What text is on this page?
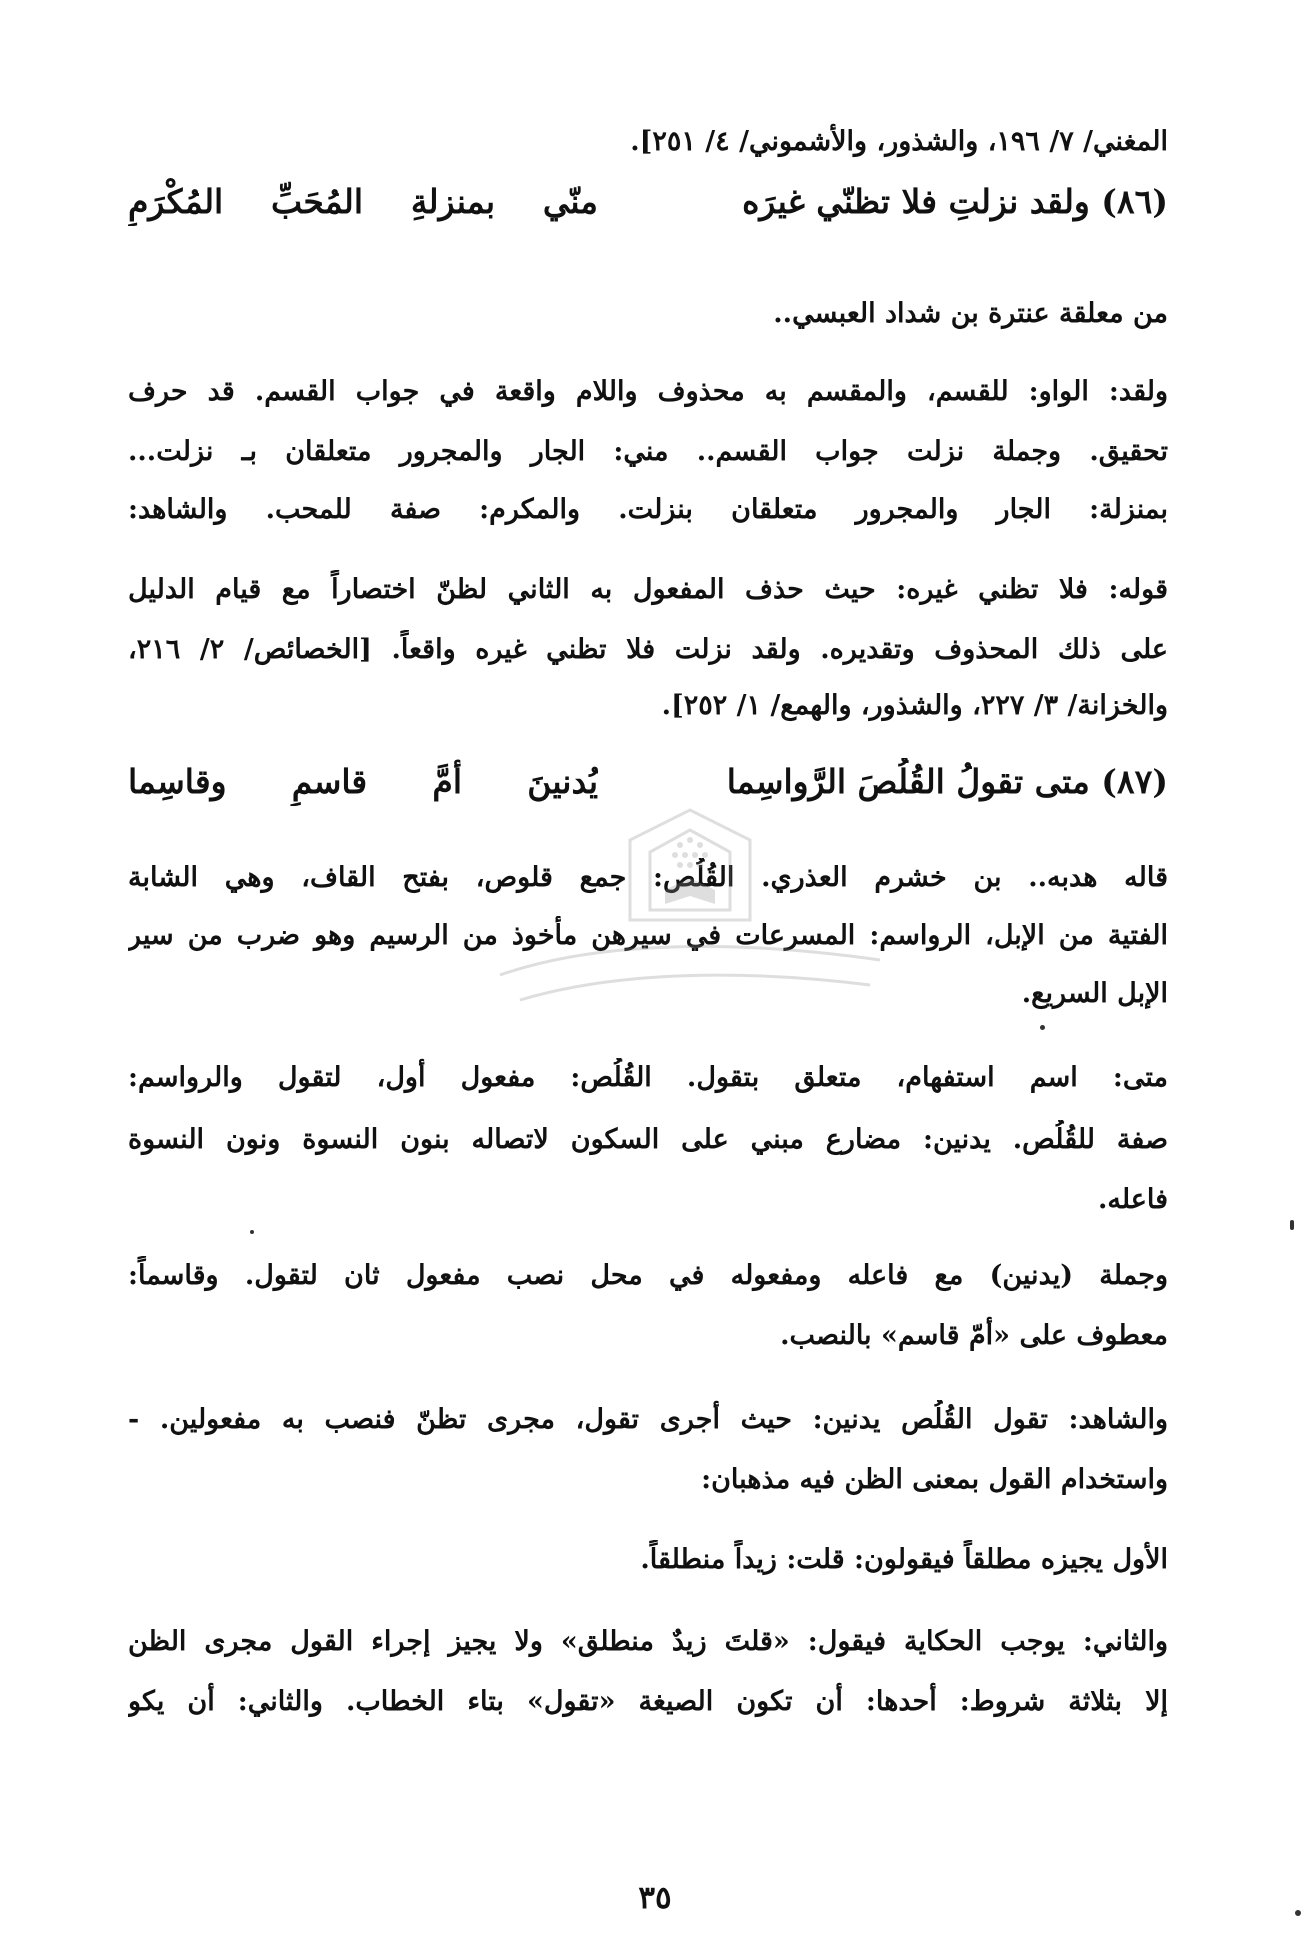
المغني/ ٧/ ١٩٦، والشذور، والأشموني/ ٤/ ٢٥١].
(٨٦) ولقد نزلتِ فلا تظنّي غيرَه
منّي بمنزلةِ المُحَبِّ المُكْرَمِ
من معلقة عنترة بن شداد العبسي..
ولقد: الواو: للقسم، والمقسم به محذوف واللام واقعة في جواب القسم. قد حرف
تحقيق. وجملة نزلت جواب القسم.. مني: الجار والمجرور متعلقان بـ نزلت...
بمنزلة: الجار والمجرور متعلقان بنزلت. والمكرم: صفة للمحب. والشاهد:
قوله: فلا تظني غيره: حيث حذف المفعول به الثاني لظنّ اختصاراً مع قيام الدليل
على ذلك المحذوف وتقديره. ولقد نزلت فلا تظني غيره واقعاً. [الخصائص/ ٢/ ٢١٦،
والخزانة/ ٣/ ٢٢٧، والشذور، والهمع/ ١/ ٢٥٢].
(٨٧) متى تقولُ القُلُصَ الرَّواسِما
يُدنينَ أمَّ قاسمٍ وقاسِما
قاله هدبه.. بن خشرم العذري. القُلُص: جمع قلوص، بفتح القاف، وهي الشابة
الفتية من الإبل، الرواسم: المسرعات في سيرهن مأخوذ من الرسيم وهو ضرب من سير
الإبل السريع.
متى: اسم استفهام، متعلق بتقول. القُلُص: مفعول أول، لتقول والرواسم:
صفة للقُلُص. يدنين: مضارع مبني على السكون لاتصاله بنون النسوة ونون النسوة
فاعله.
وجملة (يدنين) مع فاعله ومفعوله في محل نصب مفعول ثان لتقول. وقاسماً:
معطوف على «أمّ قاسم» بالنصب.
والشاهد: تقول القُلُص يدنين: حيث أجرى تقول، مجرى تظنّ فنصب به مفعولين. -
واستخدام القول بمعنى الظن فيه مذهبان:
الأول يجيزه مطلقاً فيقولون: قلت: زيداً منطلقاً.
والثاني: يوجب الحكاية فيقول: «قلتَ زيدٌ منطلق» ولا يجيز إجراء القول مجرى الظن
إلا بثلاثة شروط: أحدها: أن تكون الصيغة «تقول» بتاء الخطاب. والثاني: أن يكو
٣٥
